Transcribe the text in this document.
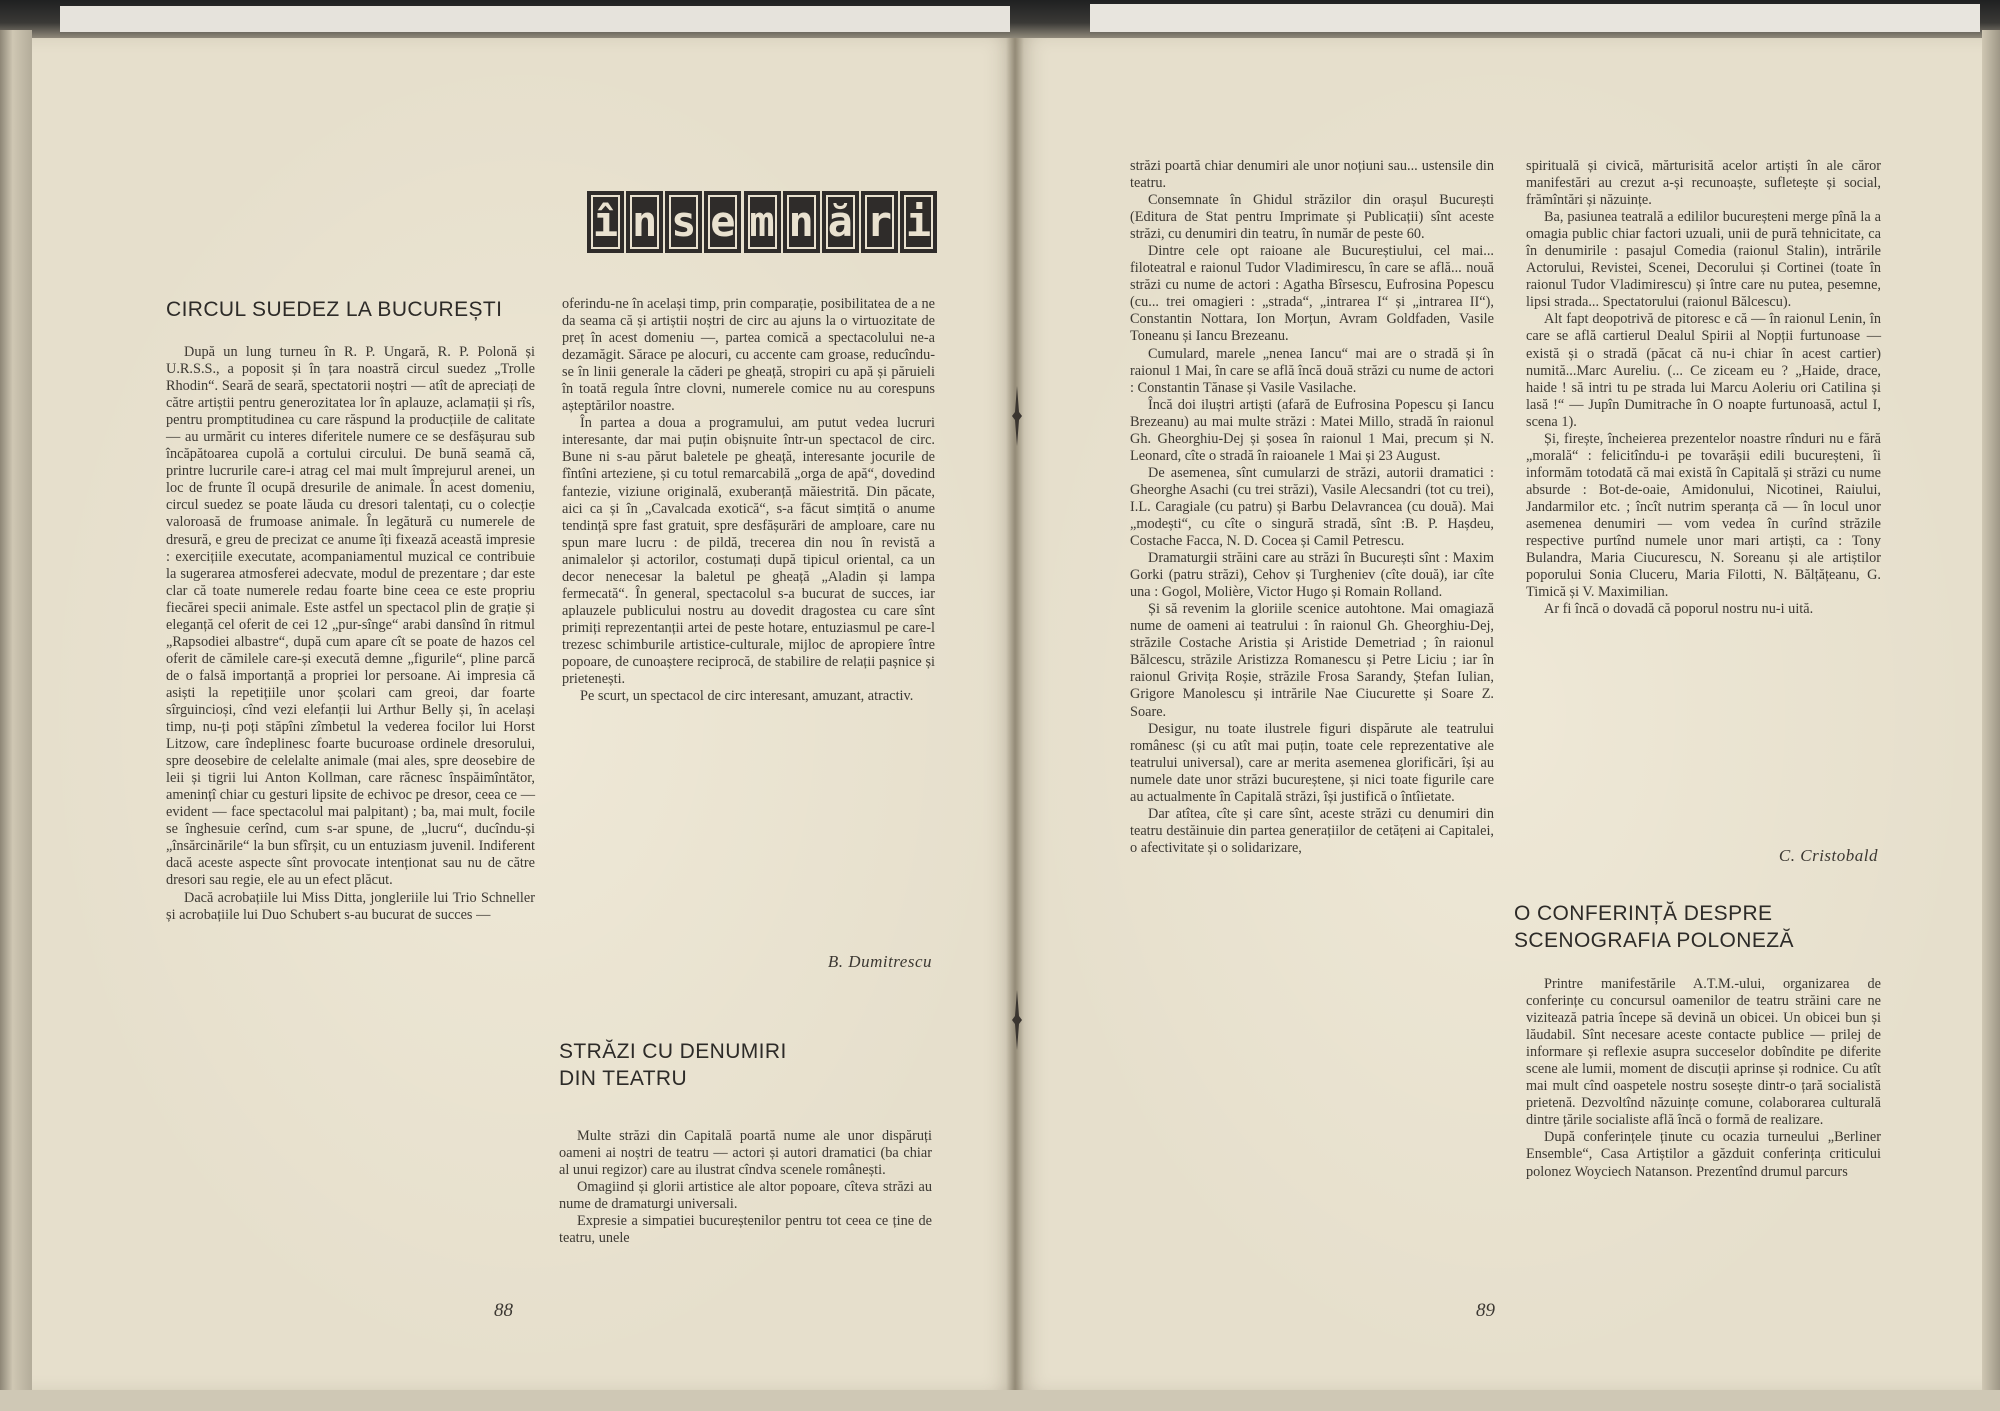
î n s e m n ă r i
CIRCUL SUEDEZ LA BUCUREȘTI

După un lung turneu în R. P. Ungară, R. P. Polonă și U.R.S.S., a poposit și în țara noastră circul suedez „Trolle Rhodin“. Seară de seară, spectatorii noștri — atît de apreciați de către artiștii pentru generozitatea lor în aplauze, aclamații și rîs, pentru promptitudinea cu care răspund la producțiile de calitate — au urmărit cu interes diferitele numere ce se desfășurau sub încăpătoarea cupolă a cortului circului. De bună seamă că, printre lucrurile care-i atrag cel mai mult împrejurul arenei, un loc de frunte îl ocupă dresurile de animale. În acest domeniu, circul suedez se poate lăuda cu dresori talentați, cu o colecție valoroasă de frumoase animale. În legătură cu numerele de dresură, e greu de precizat ce anume îți fixează această impresie : exercițiile executate, acompaniamentul muzical ce contribuie la sugerarea atmosferei adecvate, modul de prezentare ; dar este clar că toate numerele redau foarte bine ceea ce este propriu fiecărei specii animale. Este astfel un spectacol plin de grație și eleganță cel oferit de cei 12 „pur-sînge“ arabi dansînd în ritmul „Rapsodiei albastre“, după cum apare cît se poate de hazos cel oferit de cămilele care-și execută demne „figurile“, pline parcă de o falsă importanță a propriei lor persoane. Ai impresia că asiști la repetițiile unor școlari cam greoi, dar foarte sîrguincioși, cînd vezi elefanții lui Arthur Belly și, în același timp, nu-ți poți stăpîni zîmbetul la vederea focilor lui Horst Litzow, care îndeplinesc foarte bucuroase ordinele dresorului, spre deosebire de celelalte animale (mai ales, spre deosebire de leii și tigrii lui Anton Kollman, care răcnesc înspăimîntător, amenințî chiar cu gesturi lipsite de echivoc pe dresor, ceea ce — evident — face spectacolul mai palpitant) ; ba, mai mult, focile se înghesuie cerînd, cum s-ar spune, de „lucru“, ducîndu-și „însărcinările“ la bun sfîrșit, cu un entuziasm juvenil. Indiferent dacă aceste aspecte sînt provocate intenționat sau nu de către dresori sau regie, ele au un efect plăcut.

Dacă acrobațiile lui Miss Ditta, jongleriile lui Trio Schneller și acrobațiile lui Duo Schubert s-au bucurat de succes —

oferindu-ne în același timp, prin comparație, posibilitatea de a ne da seama că și artiștii noștri de circ au ajuns la o virtuozitate de preț în acest domeniu —, partea comică a spectacolului ne-a dezamăgit. Sărace pe alocuri, cu accente cam groase, reducîndu-se în linii generale la căderi pe gheață, stropiri cu apă și păruieli în toată regula între clovni, numerele comice nu au corespuns așteptărilor noastre.

În partea a doua a programului, am putut vedea lucruri interesante, dar mai puțin obișnuite într-un spectacol de circ. Bune ni s-au părut baletele pe gheață, interesante jocurile de fîntîni arteziene, și cu totul remarcabilă „orga de apă“, dovedind fantezie, viziune originală, exuberanță măiestrită. Din păcate, aici ca și în „Cavalcada exotică“, s-a făcut simțită o anume tendință spre fast gratuit, spre desfășurări de amploare, care nu spun mare lucru : de pildă, trecerea din nou în revistă a animalelor și actorilor, costumați după tipicul oriental, ca un decor nenecesar la baletul pe gheață „Aladin și lampa fermecată“. În general, spectacolul s-a bucurat de succes, iar aplauzele publicului nostru au dovedit dragostea cu care sînt primiți reprezentanții artei de peste hotare, entuziasmul pe care-l trezesc schimburile artistice-culturale, mijloc de apropiere între popoare, de cunoaștere reciprocă, de stabilire de relații pașnice și prietenești.

Pe scurt, un spectacol de circ interesant, amuzant, atractiv.

B. Dumitrescu
STRĂZI CU DENUMIRI
DIN TEATRU

Multe străzi din Capitală poartă nume ale unor dispăruți oameni ai noștri de teatru — actori și autori dramatici (ba chiar al unui regizor) care au ilustrat cîndva scenele românești.

Omagiind și glorii artistice ale altor popoare, cîteva străzi au nume de dramaturgi universali.

Expresie a simpatiei bucureștenilor pentru tot ceea ce ține de teatru, unele

88

străzi poartă chiar denumiri ale unor noțiuni sau... ustensile din teatru.

Consemnate în Ghidul străzilor din orașul București (Editura de Stat pentru Imprimate și Publicații) sînt aceste străzi, cu denumiri din teatru, în număr de peste 60.

Dintre cele opt raioane ale Bucureștiului, cel mai... filoteatral e raionul Tudor Vladimirescu, în care se află... nouă străzi cu nume de actori : Agatha Bîrsescu, Eufrosina Popescu (cu... trei omagieri : „strada“, „intrarea I“ și „intrarea II“), Constantin Nottara, Ion Morțun, Avram Goldfaden, Vasile Toneanu și Iancu Brezeanu.

Cumulard, marele „nenea Iancu“ mai are o stradă și în raionul 1 Mai, în care se află încă două străzi cu nume de actori : Constantin Tănase și Vasile Vasilache.

Încă doi iluștri artiști (afară de Eufrosina Popescu și Iancu Brezeanu) au mai multe străzi : Matei Millo, stradă în raionul Gh. Gheorghiu-Dej și șosea în raionul 1 Mai, precum și N. Leonard, cîte o stradă în raioanele 1 Mai și 23 August.

De asemenea, sînt cumularzi de străzi, autorii dramatici : Gheorghe Asachi (cu trei străzi), Vasile Alecsandri (tot cu trei), I.L. Caragiale (cu patru) și Barbu Delavrancea (cu două). Mai „modești“, cu cîte o singură stradă, sînt :B. P. Hașdeu, Costache Facca, N. D. Cocea și Camil Petrescu.

Dramaturgii străini care au străzi în București sînt : Maxim Gorki (patru străzi), Cehov și Turgheniev (cîte două), iar cîte una : Gogol, Molière, Victor Hugo și Romain Rolland.

Și să revenim la gloriile scenice autohtone. Mai omagiază nume de oameni ai teatrului : în raionul Gh. Gheorghiu-Dej, străzile Costache Aristia și Aristide Demetriad ; în raionul Bălcescu, străzile Aristizza Romanescu și Petre Liciu ; iar în raionul Grivița Roșie, străzile Frosa Sarandy, Ștefan Iulian, Grigore Manolescu și intrările Nae Ciucurette și Soare Z. Soare.

Desigur, nu toate ilustrele figuri dispărute ale teatrului românesc (și cu atît mai puțin, toate cele reprezentative ale teatrului universal), care ar merita asemenea glorificări, își au numele date unor străzi bucureștene, și nici toate figurile care au actualmente în Capitală străzi, își justifică o întîietate.

Dar atîtea, cîte și care sînt, aceste străzi cu denumiri din teatru destăinuie din partea generațiilor de cetățeni ai Capitalei, o afectivitate și o solidarizare,

spirituală și civică, mărturisită acelor artiști în ale căror manifestări au crezut a-și recunoaște, sufletește și social, frămîntări și năzuințe.

Ba, pasiunea teatrală a edililor bucureșteni merge pînă la a omagia public chiar factori uzuali, unii de pură tehnicitate, ca în denumirile : pasajul Comedia (raionul Stalin), intrările Actorului, Revistei, Scenei, Decorului și Cortinei (toate în raionul Tudor Vladimirescu) și între care nu putea, pesemne, lipsi strada... Spectatorului (raionul Bălcescu).

Alt fapt deopotrivă de pitoresc e că — în raionul Lenin, în care se află cartierul Dealul Spirii al Nopții furtunoase — există și o stradă (păcat că nu-i chiar în acest cartier) numită...Marc Aureliu. (... Ce ziceam eu ? „Haide, drace, haide ! să intri tu pe strada lui Marcu Aoleriu ori Catilina și lasă !“ — Jupîn Dumitrache în O noapte furtunoasă, actul I, scena 1).

Și, firește, încheierea prezentelor noastre rînduri nu e fără „morală“ : felicitîndu-i pe tovarășii edili bucureșteni, îi informăm totodată că mai există în Capitală și străzi cu nume absurde : Bot-de-oaie, Amidonului, Nicotinei, Raiului, Jandarmilor etc. ; încît nutrim speranța că — în locul unor asemenea denumiri — vom vedea în curînd străzile respective purtînd numele unor mari artiști, ca : Tony Bulandra, Maria Ciucurescu, N. Soreanu și ale artiștilor poporului Sonia Cluceru, Maria Filotti, N. Bălțățeanu, G. Timică și V. Maximilian.

Ar fi încă o dovadă că poporul nostru nu-i uită.

C. Cristobald
O CONFERINȚĂ DESPRE
SCENOGRAFIA POLONEZĂ

Printre manifestările A.T.M.-ului, organizarea de conferințe cu concursul oamenilor de teatru străini care ne vizitează patria începe să devină un obicei. Un obicei bun și lăudabil. Sînt necesare aceste contacte publice — prilej de informare și reflexie asupra succeselor dobîndite pe diferite scene ale lumii, moment de discuții aprinse și rodnice. Cu atît mai mult cînd oaspetele nostru sosește dintr-o țară socialistă prietenă. Dezvoltînd năzuințe comune, colaborarea culturală dintre țările socialiste află încă o formă de realizare.

După conferințele ținute cu ocazia turneului „Berliner Ensemble“, Casa Artiștilor a găzduit conferința criticului polonez Woyciech Natanson. Prezentînd drumul parcurs

89
